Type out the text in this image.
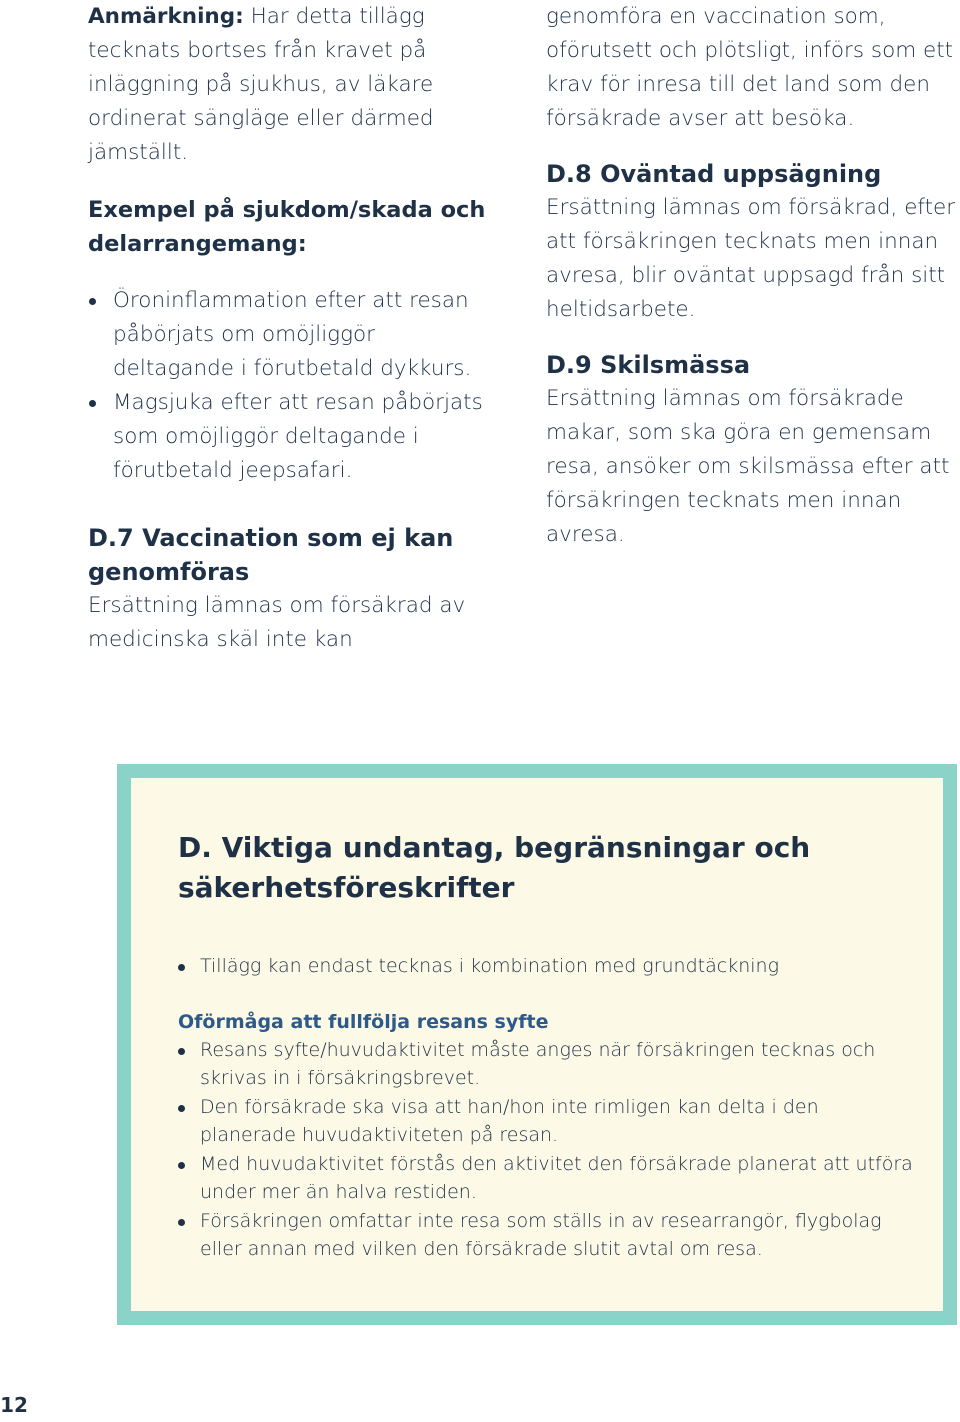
Anmärkning: Har detta tillägg tecknats bortses från kravet på inläggning på sjukhus, av läkare ordinerat sängläge eller därmed jämställt.

Exempel på sjukdom/skada och delarrangemang:
Öroninflammation efter att resan påbörjats om omöjliggör deltagande i förutbetald dykkurs.
Magsjuka efter att resan påbörjats som omöjliggör deltagande i förutbetald jeepsafari.
D.7 Vaccination som ej kan genomföras

Ersättning lämnas om försäkrad av medicinska skäl inte kan

genomföra en vaccination som, oförutsett och plötsligt, införs som ett krav för inresa till det land som den försäkrade avser att besöka.

D.8 Oväntad uppsägning

Ersättning lämnas om försäkrad, efter att försäkringen tecknats men innan avresa, blir oväntat uppsagd från sitt heltidsarbete.

D.9 Skilsmässa

Ersättning lämnas om försäkrade makar, som ska göra en gemensam resa, ansöker om skilsmässa efter att försäkringen tecknats men innan avresa.

D. Viktiga undantag, begränsningar och säkerhetsföreskrifter
Tillägg kan endast tecknas i kombination med grundtäckning
Oförmåga att fullfölja resans syfte
Resans syfte/huvudaktivitet måste anges när försäkringen tecknas och skrivas in i försäkringsbrevet.
Den försäkrade ska visa att han/hon inte rimligen kan delta i den planerade huvudaktiviteten på resan.
Med huvudaktivitet förstås den aktivitet den försäkrade planerat att utföra under mer än halva restiden.
Försäkringen omfattar inte resa som ställs in av researrangör, flygbolag eller annan med vilken den försäkrade slutit avtal om resa.
12
